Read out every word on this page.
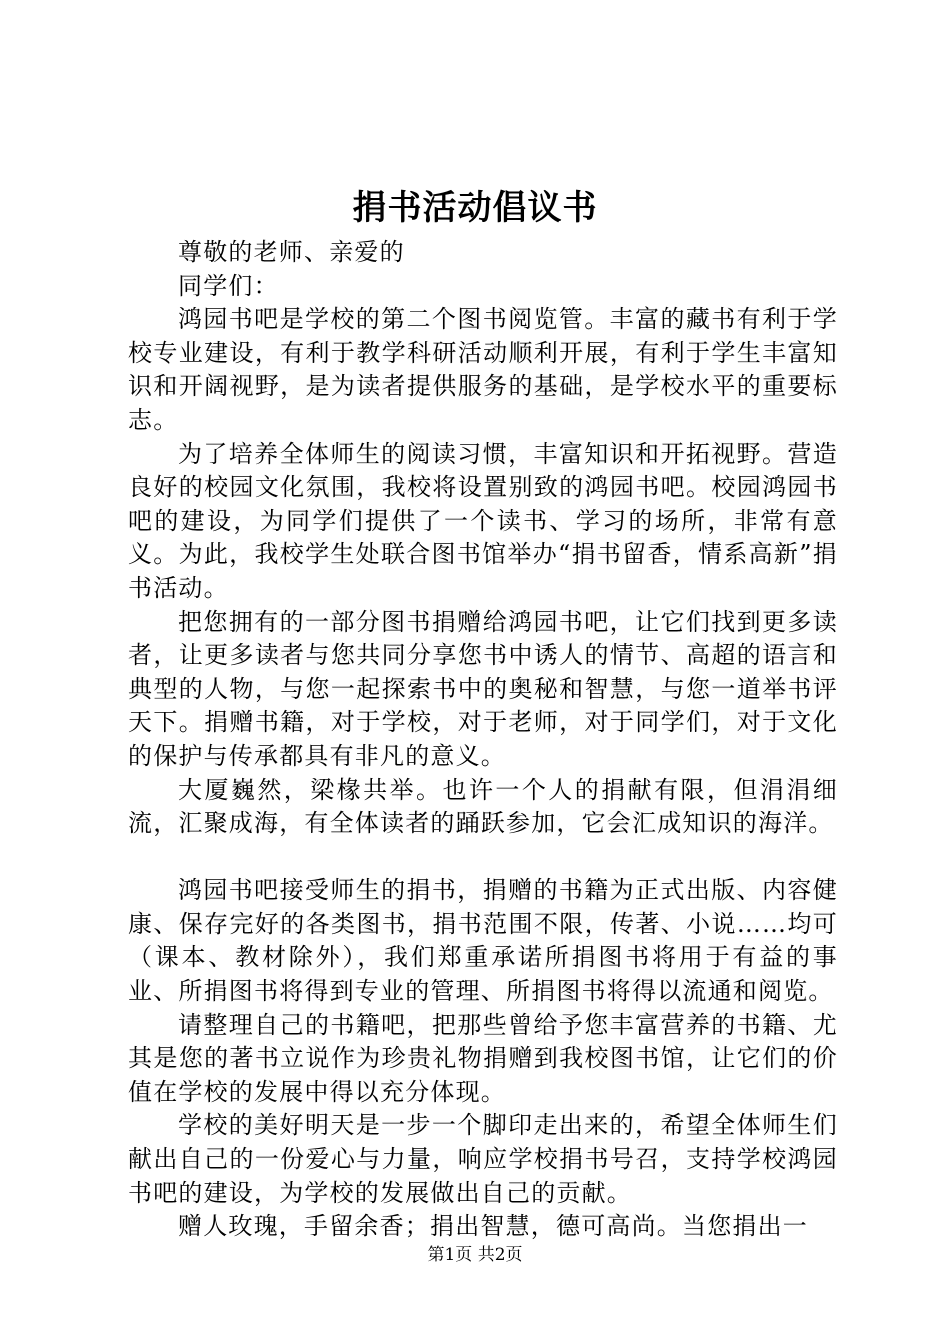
捐书活动倡议书

尊敬的老师、亲爱的

同学们：

鸿园书吧是学校的第二个图书阅览管。丰富的藏书有利于学校专业建设，有利于教学科研活动顺利开展，有利于学生丰富知识和开阔视野，是为读者提供服务的基础，是学校水平的重要标志。

为了培养全体师生的阅读习惯，丰富知识和开拓视野。营造良好的校园文化氛围，我校将设置别致的鸿园书吧。校园鸿园书吧的建设，为同学们提供了一个读书、学习的场所，非常有意义。为此，我校学生处联合图书馆举办“捐书留香，情系高新”捐书活动。

把您拥有的一部分图书捐赠给鸿园书吧，让它们找到更多读者，让更多读者与您共同分享您书中诱人的情节、高超的语言和典型的人物，与您一起探索书中的奥秘和智慧，与您一道举书评天下。捐赠书籍，对于学校，对于老师，对于同学们，对于文化的保护与传承都具有非凡的意义。

大厦巍然，梁椽共举。也许一个人的捐献有限，但涓涓细流，汇聚成海，有全体读者的踊跃参加，它会汇成知识的海洋。

鸿园书吧接受师生的捐书，捐赠的书籍为正式出版、内容健康、保存完好的各类图书，捐书范围不限，传著、小说……均可（课本、教材除外），我们郑重承诺所捐图书将用于有益的事业、所捐图书将得到专业的管理、所捐图书将得以流通和阅览。

请整理自己的书籍吧，把那些曾给予您丰富营养的书籍、尤其是您的著书立说作为珍贵礼物捐赠到我校图书馆，让它们的价值在学校的发展中得以充分体现。

学校的美好明天是一步一个脚印走出来的，希望全体师生们献出自己的一份爱心与力量，响应学校捐书号召，支持学校鸿园书吧的建设，为学校的发展做出自己的贡献。

赠人玫瑰，手留余香；捐出智慧，德可高尚。当您捐出一

第1页 共2页
